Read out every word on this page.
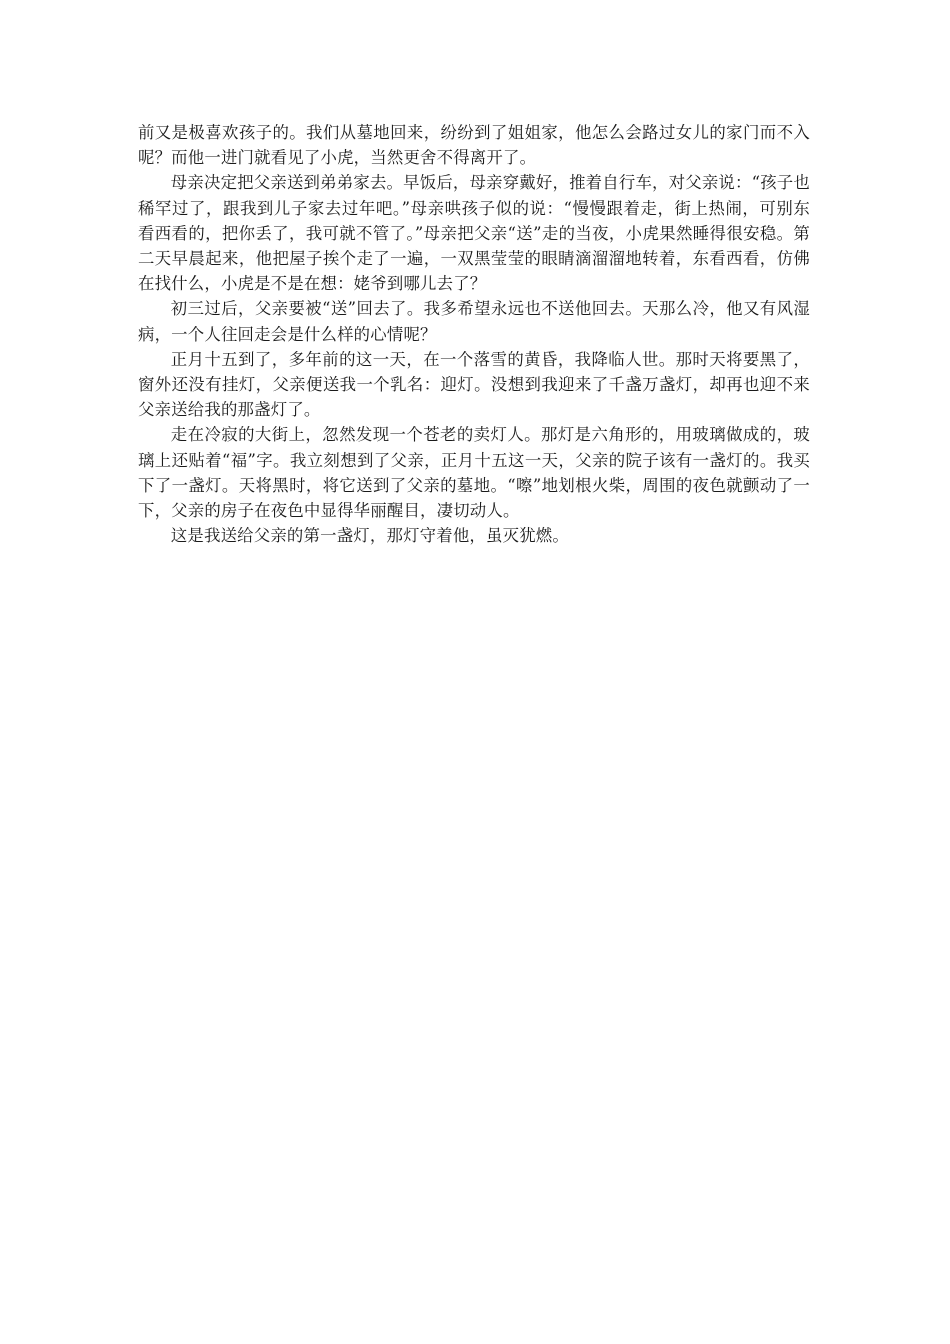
前又是极喜欢孩子的。我们从墓地回来，纷纷到了姐姐家，他怎么会路过女儿的家门而不入呢？而他一进门就看见了小虎，当然更舍不得离开了。

母亲决定把父亲送到弟弟家去。早饭后，母亲穿戴好，推着自行车，对父亲说：“孩子也稀罕过了，跟我到儿子家去过年吧。”母亲哄孩子似的说：“慢慢跟着走，街上热闹，可别东看西看的，把你丢了，我可就不管了。”母亲把父亲“送”走的当夜，小虎果然睡得很安稳。第二天早晨起来，他把屋子挨个走了一遍，一双黑莹莹的眼睛滴溜溜地转着，东看西看，仿佛在找什么，小虎是不是在想：姥爷到哪儿去了？

初三过后，父亲要被“送”回去了。我多希望永远也不送他回去。天那么冷，他又有风湿病，一个人往回走会是什么样的心情呢？

正月十五到了，多年前的这一天，在一个落雪的黄昏，我降临人世。那时天将要黑了，窗外还没有挂灯，父亲便送我一个乳名：迎灯。没想到我迎来了千盏万盏灯，却再也迎不来父亲送给我的那盏灯了。

走在冷寂的大街上，忽然发现一个苍老的卖灯人。那灯是六角形的，用玻璃做成的，玻璃上还贴着“福”字。我立刻想到了父亲，正月十五这一天，父亲的院子该有一盏灯的。我买下了一盏灯。天将黑时，将它送到了父亲的墓地。“嚓”地划根火柴，周围的夜色就颤动了一下，父亲的房子在夜色中显得华丽醒目，凄切动人。

这是我送给父亲的第一盏灯，那灯守着他，虽灭犹燃。
